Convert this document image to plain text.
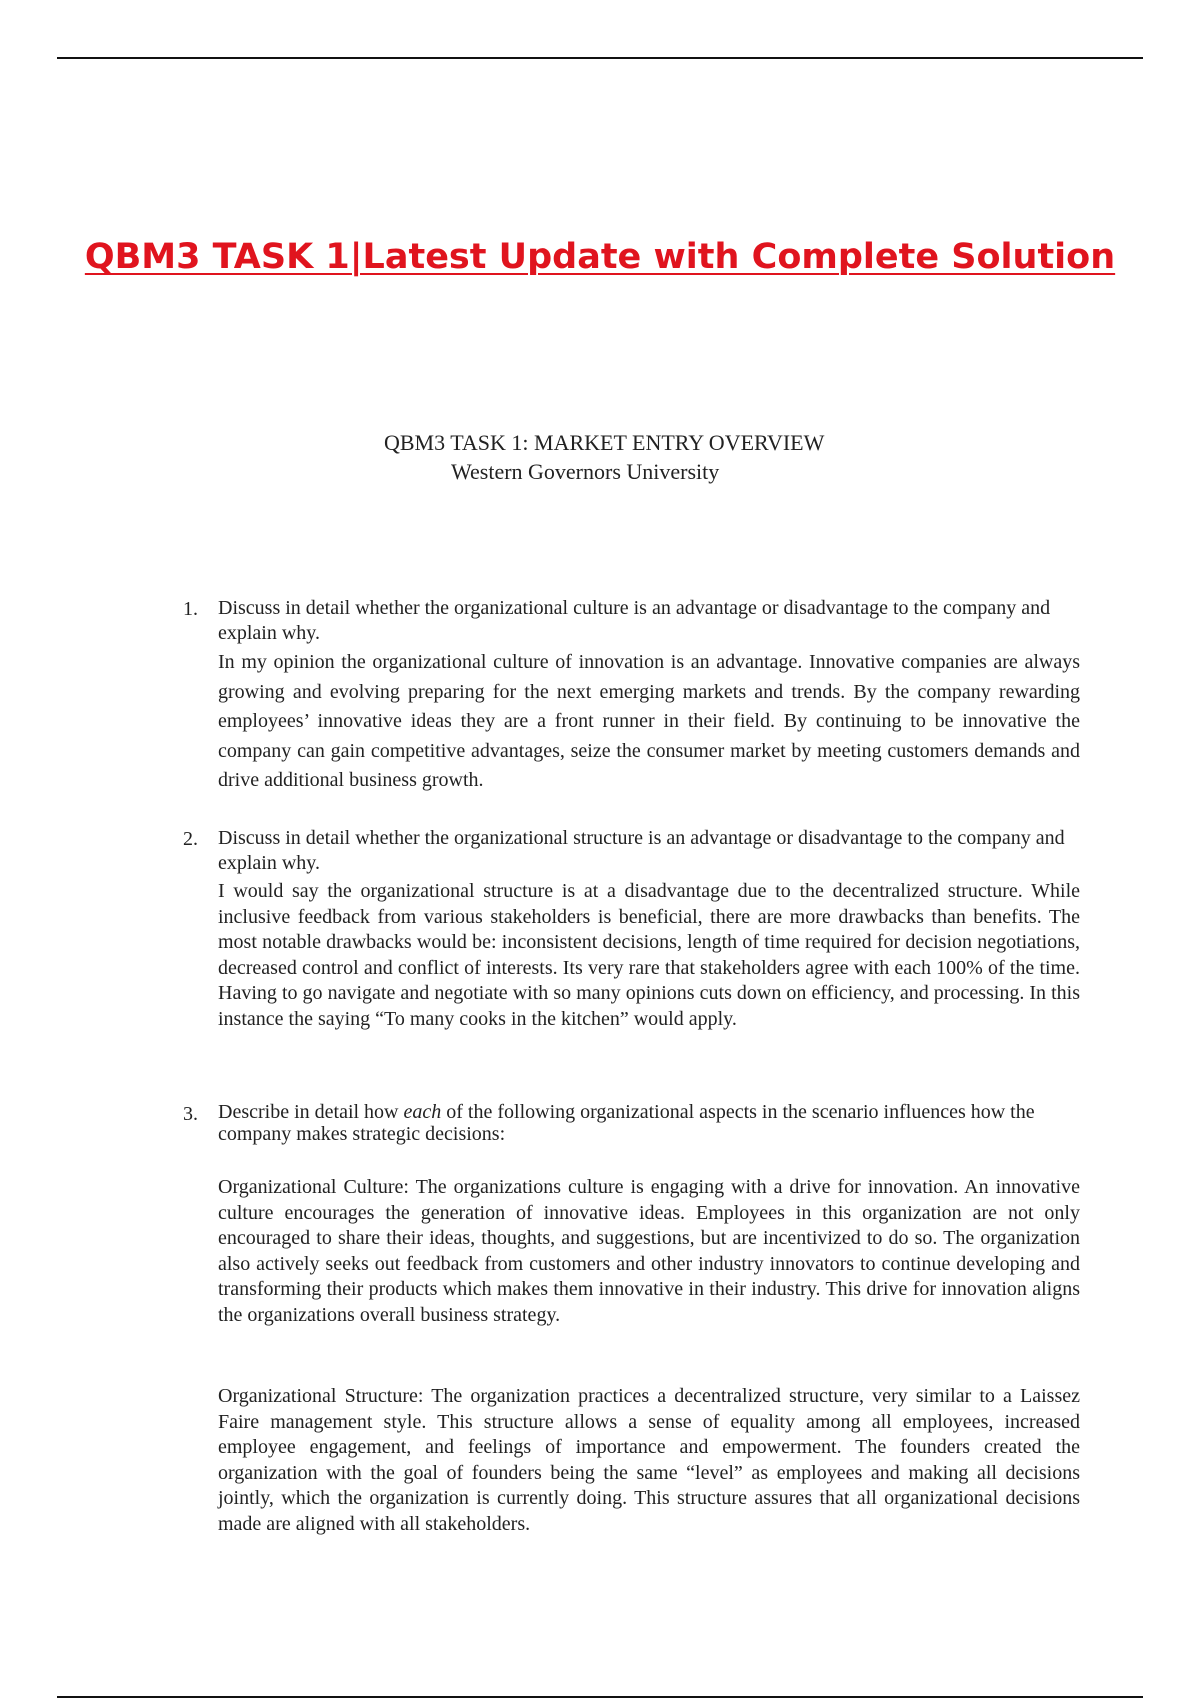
QBM3 TASK 1|Latest Update with Complete Solution
QBM3 TASK 1: MARKET ENTRY OVERVIEW
Western Governors University
1. Discuss in detail whether the organizational culture is an advantage or disadvantage to the company and explain why.
In my opinion the organizational culture of innovation is an advantage. Innovative companies are always growing and evolving preparing for the next emerging markets and trends. By the company rewarding employees’ innovative ideas they are a front runner in their field. By continuing to be innovative the company can gain competitive advantages, seize the consumer market by meeting customers demands and drive additional business growth.
2. Discuss in detail whether the organizational structure is an advantage or disadvantage to the company and explain why.
I would say the organizational structure is at a disadvantage due to the decentralized structure. While inclusive feedback from various stakeholders is beneficial, there are more drawbacks than benefits. The most notable drawbacks would be: inconsistent decisions, length of time required for decision negotiations, decreased control and conflict of interests. Its very rare that stakeholders agree with each 100% of the time. Having to go navigate and negotiate with so many opinions cuts down on efficiency, and processing. In this instance the saying “To many cooks in the kitchen” would apply.
3. Describe in detail how each of the following organizational aspects in the scenario influences how the company makes strategic decisions:
Organizational Culture: The organizations culture is engaging with a drive for innovation. An innovative culture encourages the generation of innovative ideas. Employees in this organization are not only encouraged to share their ideas, thoughts, and suggestions, but are incentivized to do so. The organization also actively seeks out feedback from customers and other industry innovators to continue developing and transforming their products which makes them innovative in their industry. This drive for innovation aligns the organizations overall business strategy.
Organizational Structure: The organization practices a decentralized structure, very similar to a Laissez Faire management style. This structure allows a sense of equality among all employees, increased employee engagement, and feelings of importance and empowerment. The founders created the organization with the goal of founders being the same “level” as employees and making all decisions jointly, which the organization is currently doing. This structure assures that all organizational decisions made are aligned with all stakeholders.
